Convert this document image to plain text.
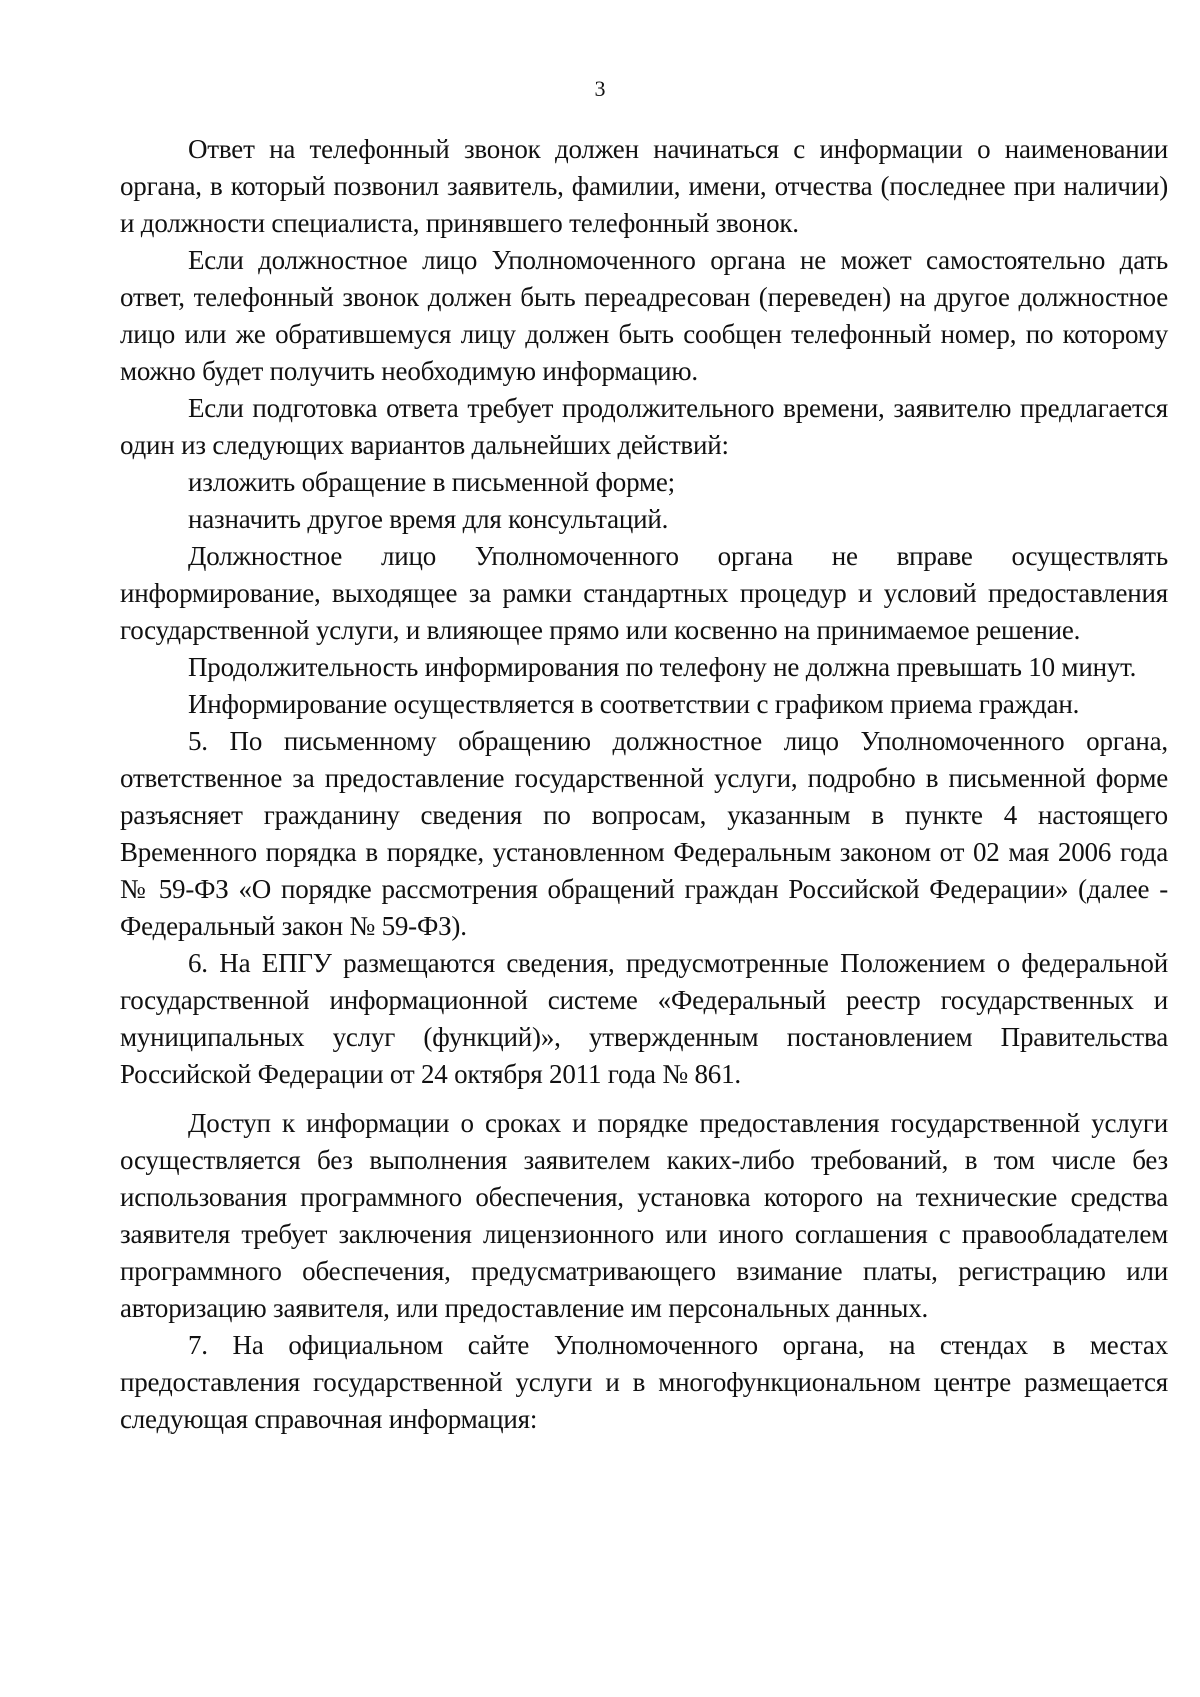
3

Ответ на телефонный звонок должен начинаться с информации о наименовании органа, в который позвонил заявитель, фамилии, имени, отчества (последнее при наличии) и должности специалиста, принявшего телефонный звонок.

Если должностное лицо Уполномоченного органа не может самостоятельно дать ответ, телефонный звонок должен быть переадресован (переведен) на другое должностное лицо или же обратившемуся лицу должен быть сообщен телефонный номер, по которому можно будет получить необходимую информацию.

Если подготовка ответа требует продолжительного времени, заявителю предлагается один из следующих вариантов дальнейших действий:

изложить обращение в письменной форме;

назначить другое время для консультаций.

Должностное лицо Уполномоченного органа не вправе осуществлять информирование, выходящее за рамки стандартных процедур и условий предоставления государственной услуги, и влияющее прямо или косвенно на принимаемое решение.

Продолжительность информирования по телефону не должна превышать 10 минут.

Информирование осуществляется в соответствии с графиком приема граждан.

5. По письменному обращению должностное лицо Уполномоченного органа, ответственное за предоставление государственной услуги, подробно в письменной форме разъясняет гражданину сведения по вопросам, указанным в пункте 4 настоящего Временного порядка в порядке, установленном Федеральным законом от 02 мая 2006 года № 59-ФЗ «О порядке рассмотрения обращений граждан Российской Федерации» (далее - Федеральный закон № 59-ФЗ).

6. На ЕПГУ размещаются сведения, предусмотренные Положением о федеральной государственной информационной системе «Федеральный реестр государственных и муниципальных услуг (функций)», утвержденным постановлением Правительства Российской Федерации от 24 октября 2011 года № 861.

Доступ к информации о сроках и порядке предоставления государственной услуги осуществляется без выполнения заявителем каких-либо требований, в том числе без использования программного обеспечения, установка которого на технические средства заявителя требует заключения лицензионного или иного соглашения с правообладателем программного обеспечения, предусматривающего взимание платы, регистрацию или авторизацию заявителя, или предоставление им персональных данных.

7. На официальном сайте Уполномоченного органа, на стендах в местах предоставления государственной услуги и в многофункциональном центре размещается следующая справочная информация:
